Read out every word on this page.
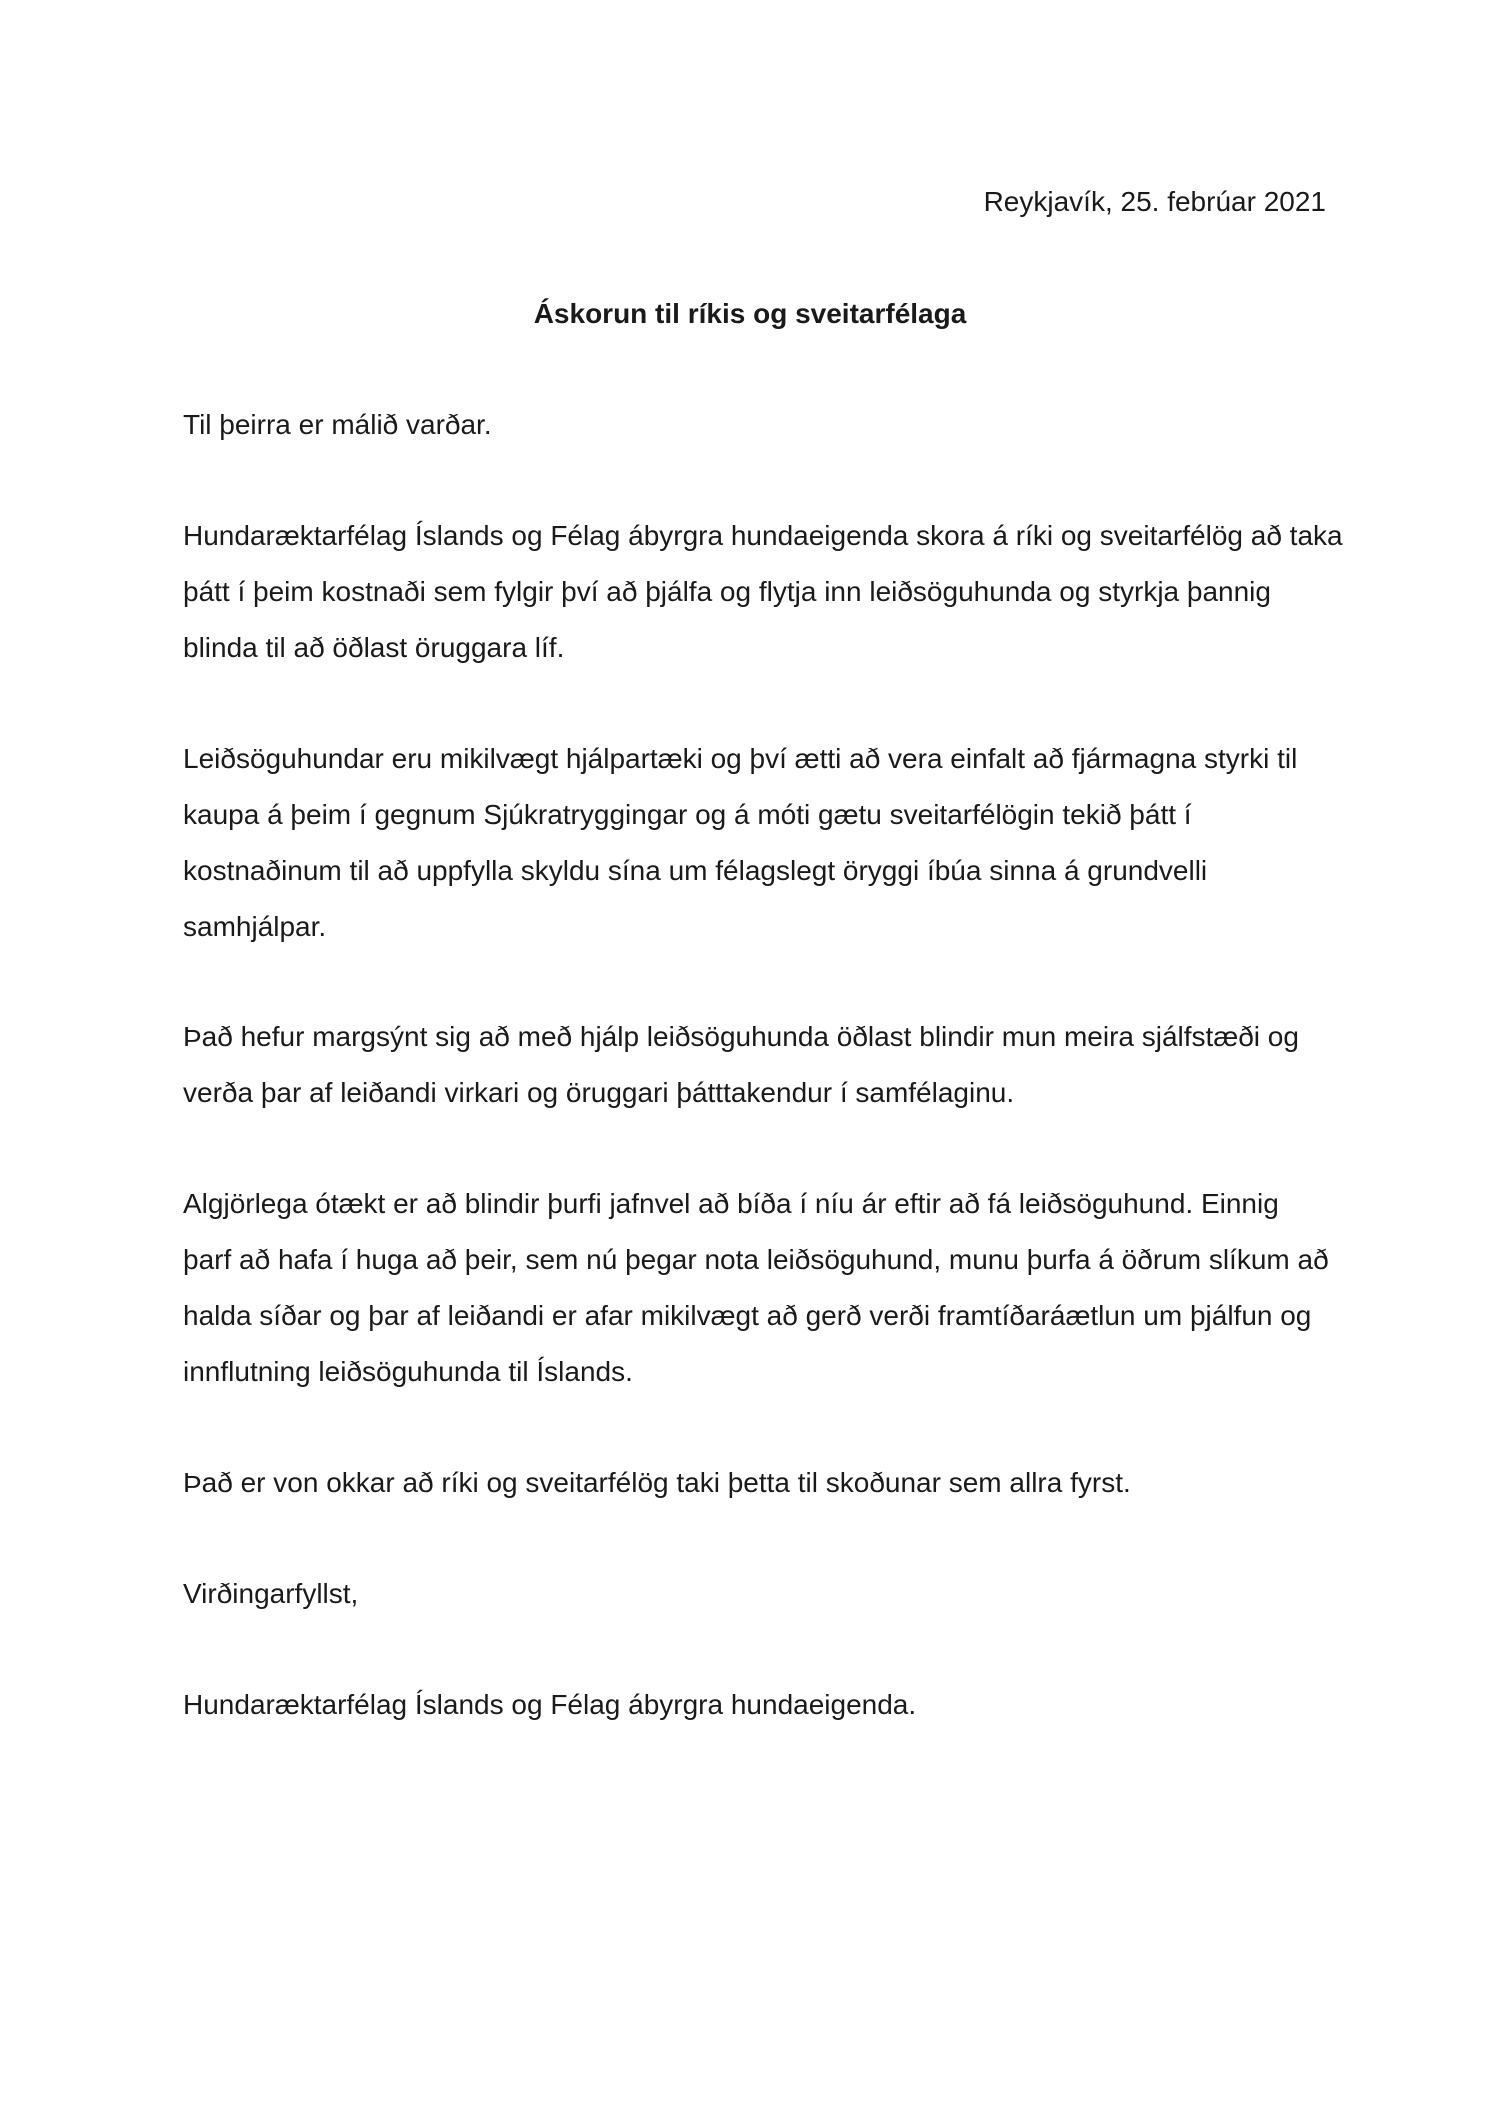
Reykjavík, 25. febrúar 2021
Áskorun til ríkis og sveitarfélaga
Til þeirra er málið varðar.
Hundaræktarfélag Íslands og Félag ábyrgra hundaeigenda skora á ríki og sveitarfélög að taka
þátt í þeim kostnaði sem fylgir því að þjálfa og flytja inn leiðsöguhunda og styrkja þannig
blinda til að öðlast öruggara líf.
Leiðsöguhundar eru mikilvægt hjálpartæki og því ætti að vera einfalt að fjármagna styrki til
kaupa á þeim í gegnum Sjúkratryggingar og á móti gætu sveitarfélögin tekið þátt í
kostnaðinum til að uppfylla skyldu sína um félagslegt öryggi íbúa sinna á grundvelli
samhjálpar.
Það hefur margsýnt sig að með hjálp leiðsöguhunda öðlast blindir mun meira sjálfstæði og
verða þar af leiðandi virkari og öruggari þátttakendur í samfélaginu.
Algjörlega ótækt er að blindir þurfi jafnvel að bíða í níu ár eftir að fá leiðsöguhund. Einnig
þarf að hafa í huga að þeir, sem nú þegar nota leiðsöguhund, munu þurfa á öðrum slíkum að
halda síðar og þar af leiðandi er afar mikilvægt að gerð verði framtíðaráætlun um þjálfun og
innflutning leiðsöguhunda til Íslands.
Það er von okkar að ríki og sveitarfélög taki þetta til skoðunar sem allra fyrst.
Virðingarfyllst,
Hundaræktarfélag Íslands og Félag ábyrgra hundaeigenda.
